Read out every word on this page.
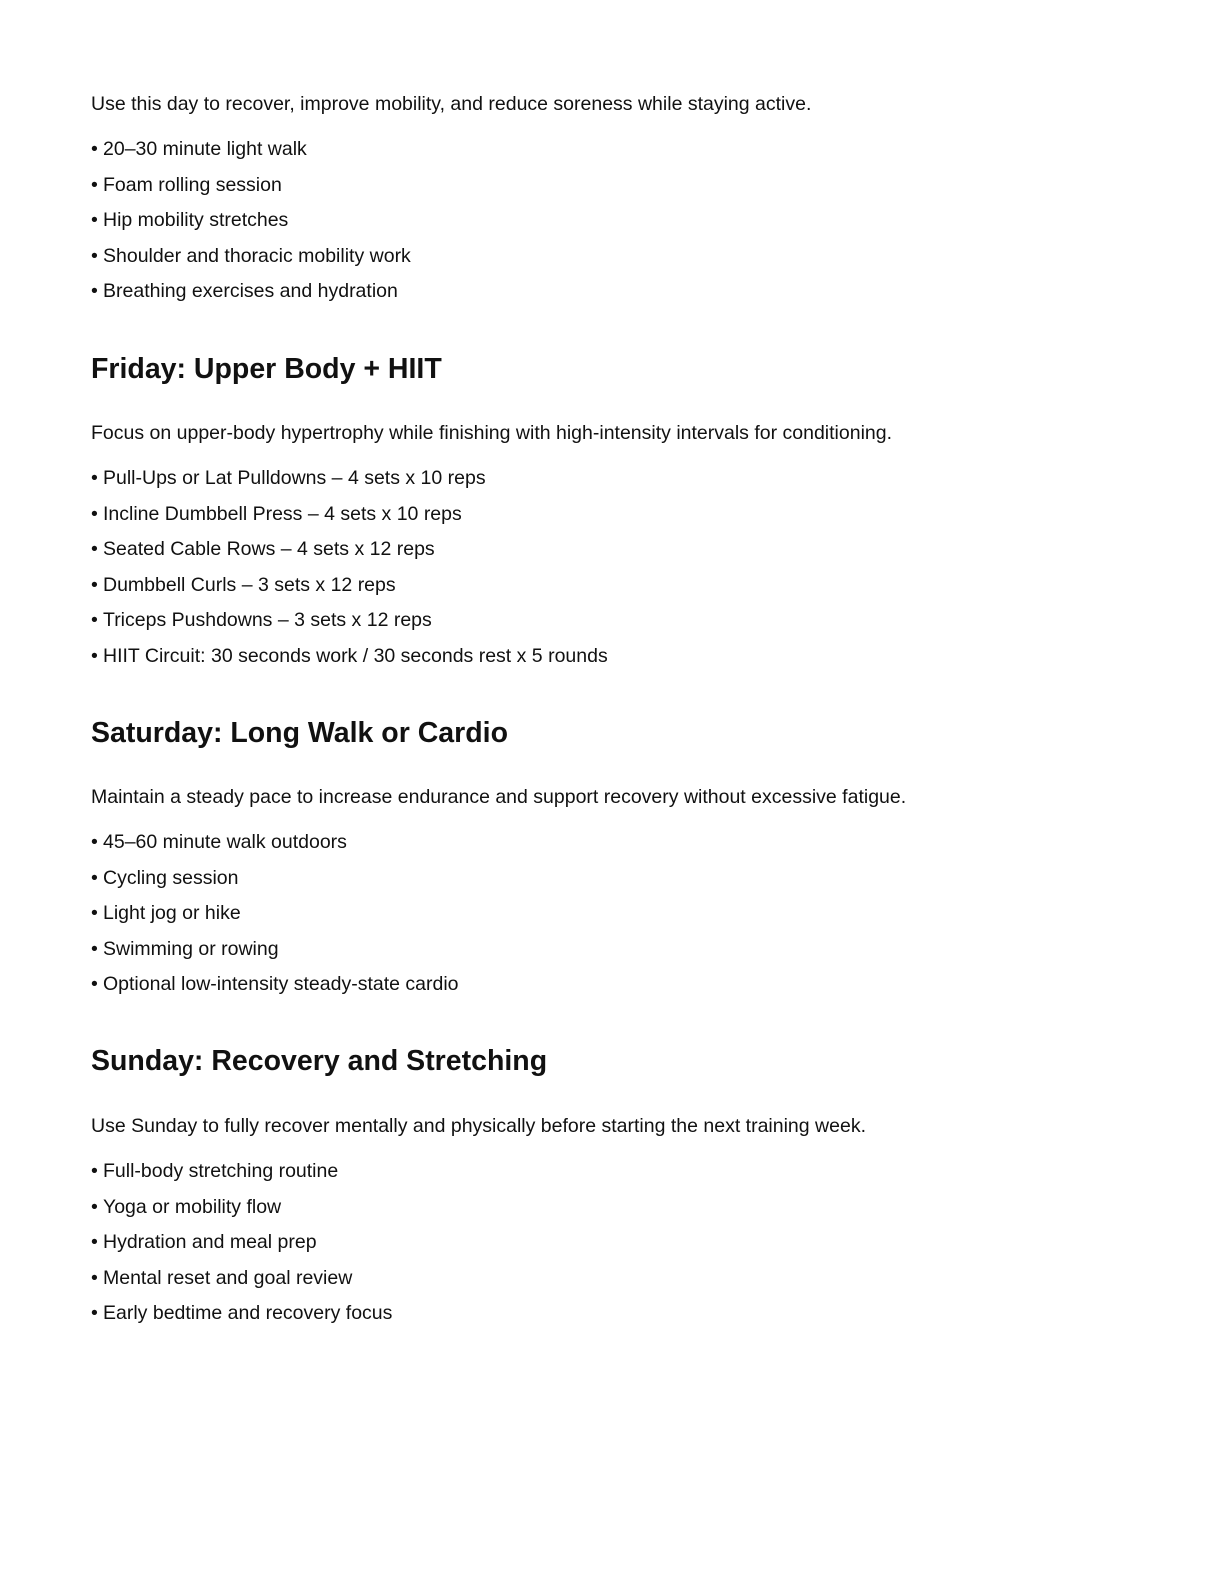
Use this day to recover, improve mobility, and reduce soreness while staying active.

• 20–30 minute light walk
• Foam rolling session
• Hip mobility stretches
• Shoulder and thoracic mobility work
• Breathing exercises and hydration
Friday: Upper Body + HIIT

Focus on upper-body hypertrophy while finishing with high-intensity intervals for conditioning.

• Pull-Ups or Lat Pulldowns – 4 sets x 10 reps
• Incline Dumbbell Press – 4 sets x 10 reps
• Seated Cable Rows – 4 sets x 12 reps
• Dumbbell Curls – 3 sets x 12 reps
• Triceps Pushdowns – 3 sets x 12 reps
• HIIT Circuit: 30 seconds work / 30 seconds rest x 5 rounds
Saturday: Long Walk or Cardio

Maintain a steady pace to increase endurance and support recovery without excessive fatigue.

• 45–60 minute walk outdoors
• Cycling session
• Light jog or hike
• Swimming or rowing
• Optional low-intensity steady-state cardio
Sunday: Recovery and Stretching

Use Sunday to fully recover mentally and physically before starting the next training week.

• Full-body stretching routine
• Yoga or mobility flow
• Hydration and meal prep
• Mental reset and goal review
• Early bedtime and recovery focus
